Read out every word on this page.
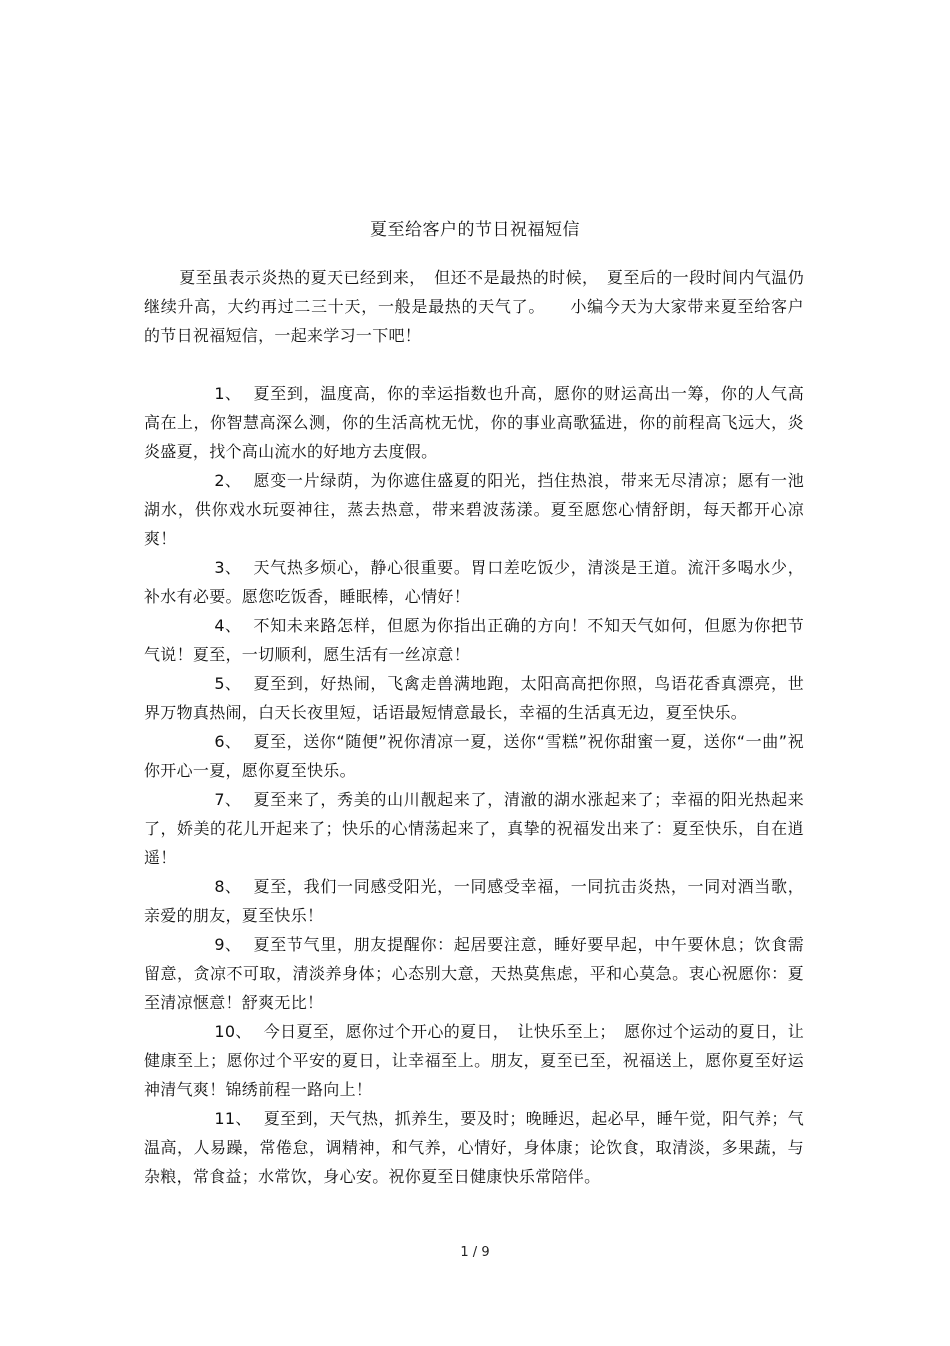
夏至给客户的节日祝福短信

夏至虽表示炎热的夏天已经到来，　但还不是最热的时候，　夏至后的一段时间内气温仍继续升高，大约再过二三十天，一般是最热的天气了。　　小编今天为大家带来夏至给客户的节日祝福短信，一起来学习一下吧！

1、 夏至到，温度高，你的幸运指数也升高，愿你的财运高出一筹，你的人气高高在上，你智慧高深么测，你的生活高枕无忧，你的事业高歌猛进，你的前程高飞远大，炎炎盛夏，找个高山流水的好地方去度假。

2、 愿变一片绿荫，为你遮住盛夏的阳光，挡住热浪，带来无尽清凉；愿有一池湖水，供你戏水玩耍神往，蒸去热意，带来碧波荡漾。夏至愿您心情舒朗，每天都开心凉爽！

3、 天气热多烦心，静心很重要。胃口差吃饭少，清淡是王道。流汗多喝水少，补水有必要。愿您吃饭香，睡眠棒，心情好！

4、 不知未来路怎样，但愿为你指出正确的方向！不知天气如何，但愿为你把节气说！夏至，一切顺利，愿生活有一丝凉意！

5、 夏至到，好热闹，飞禽走兽满地跑，太阳高高把你照，鸟语花香真漂亮，世界万物真热闹，白天长夜里短，话语最短情意最长，幸福的生活真无边，夏至快乐。

6、 夏至，送你“随便”祝你清凉一夏，送你“雪糕”祝你甜蜜一夏，送你“一曲”祝你开心一夏，愿你夏至快乐。

7、 夏至来了，秀美的山川靓起来了，清澈的湖水涨起来了；幸福的阳光热起来了，娇美的花儿开起来了；快乐的心情荡起来了，真挚的祝福发出来了：夏至快乐，自在逍遥！

8、 夏至，我们一同感受阳光，一同感受幸福，一同抗击炎热，一同对酒当歌，亲爱的朋友，夏至快乐！

9、 夏至节气里，朋友提醒你：起居要注意，睡好要早起，中午要休息；饮食需留意，贪凉不可取，清淡养身体；心态别大意，天热莫焦虑，平和心莫急。衷心祝愿你：夏至清凉惬意！舒爽无比！

10、 今日夏至，愿你过个开心的夏日，　让快乐至上；　愿你过个运动的夏日，让健康至上；愿你过个平安的夏日，让幸福至上。朋友，夏至已至，祝福送上，愿你夏至好运神清气爽！锦绣前程一路向上！

11、 夏至到，天气热，抓养生，要及时；晚睡迟，起必早，睡午觉，阳气养；气温高，人易躁，常倦怠，调精神，和气养，心情好，身体康；论饮食，取清淡，多果蔬，与杂粮，常食益；水常饮，身心安。祝你夏至日健康快乐常陪伴。

1 / 9
